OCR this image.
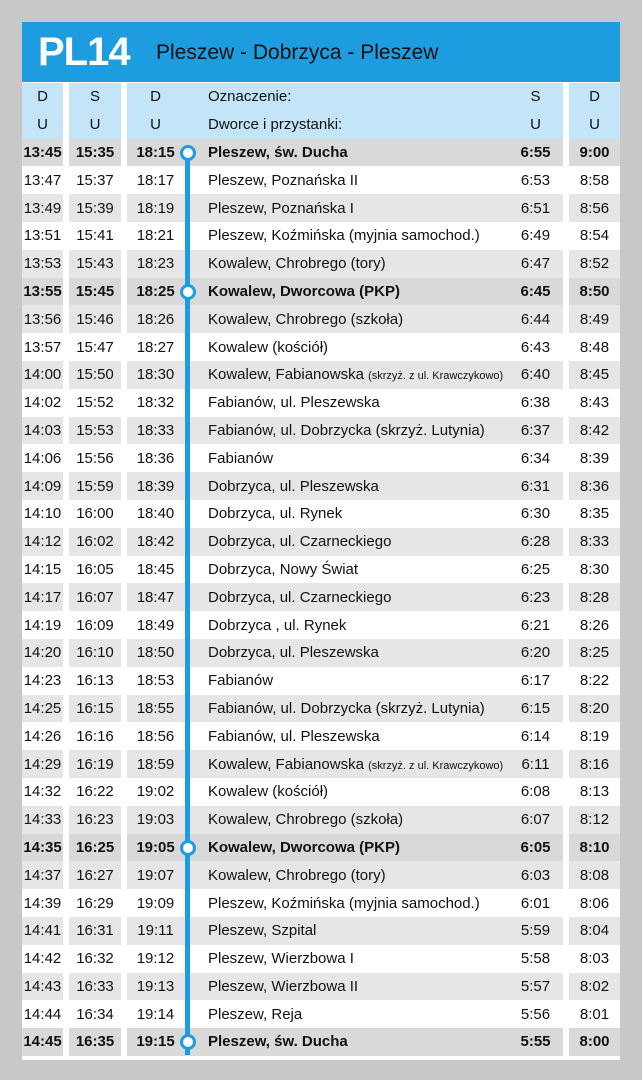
PL14 Pleszew - Dobrzyca - Pleszew
D	S	D		Oznaczenie:	S	D
U	U	U		Dworce i przystanki:	U	U
13:45	15:35	18:15		Pleszew, św. Ducha	6:55	9:00
13:47	15:37	18:17		Pleszew, Poznańska II	6:53	8:58
13:49	15:39	18:19		Pleszew, Poznańska I	6:51	8:56
13:51	15:41	18:21		Pleszew, Koźmińska (myjnia samochod.)	6:49	8:54
13:53	15:43	18:23		Kowalew, Chrobrego (tory)	6:47	8:52
13:55	15:45	18:25		Kowalew, Dworcowa (PKP)	6:45	8:50
13:56	15:46	18:26		Kowalew, Chrobrego (szkoła)	6:44	8:49
13:57	15:47	18:27		Kowalew (kościół)	6:43	8:48
14:00	15:50	18:30		Kowalew, Fabianowska (skrzyż. z ul. Krawczykowo)	6:40	8:45
14:02	15:52	18:32		Fabianów, ul. Pleszewska	6:38	8:43
14:03	15:53	18:33		Fabianów, ul. Dobrzycka (skrzyż. Lutynia)	6:37	8:42
14:06	15:56	18:36		Fabianów	6:34	8:39
14:09	15:59	18:39		Dobrzyca, ul. Pleszewska	6:31	8:36
14:10	16:00	18:40		Dobrzyca, ul. Rynek	6:30	8:35
14:12	16:02	18:42		Dobrzyca, ul. Czarneckiego	6:28	8:33
14:15	16:05	18:45		Dobrzyca, Nowy Świat	6:25	8:30
14:17	16:07	18:47		Dobrzyca, ul. Czarneckiego	6:23	8:28
14:19	16:09	18:49		Dobrzyca , ul. Rynek	6:21	8:26
14:20	16:10	18:50		Dobrzyca, ul. Pleszewska	6:20	8:25
14:23	16:13	18:53		Fabianów	6:17	8:22
14:25	16:15	18:55		Fabianów, ul. Dobrzycka (skrzyż. Lutynia)	6:15	8:20
14:26	16:16	18:56		Fabianów, ul. Pleszewska	6:14	8:19
14:29	16:19	18:59		Kowalew, Fabianowska (skrzyż. z ul. Krawczykowo)	6:11	8:16
14:32	16:22	19:02		Kowalew (kościół)	6:08	8:13
14:33	16:23	19:03		Kowalew, Chrobrego (szkoła)	6:07	8:12
14:35	16:25	19:05		Kowalew, Dworcowa (PKP)	6:05	8:10
14:37	16:27	19:07		Kowalew, Chrobrego (tory)	6:03	8:08
14:39	16:29	19:09		Pleszew, Koźmińska (myjnia samochod.)	6:01	8:06
14:41	16:31	19:11		Pleszew, Szpital	5:59	8:04
14:42	16:32	19:12		Pleszew, Wierzbowa I	5:58	8:03
14:43	16:33	19:13		Pleszew, Wierzbowa II	5:57	8:02
14:44	16:34	19:14		Pleszew, Reja	5:56	8:01
14:45	16:35	19:15		Pleszew, św. Ducha	5:55	8:00
